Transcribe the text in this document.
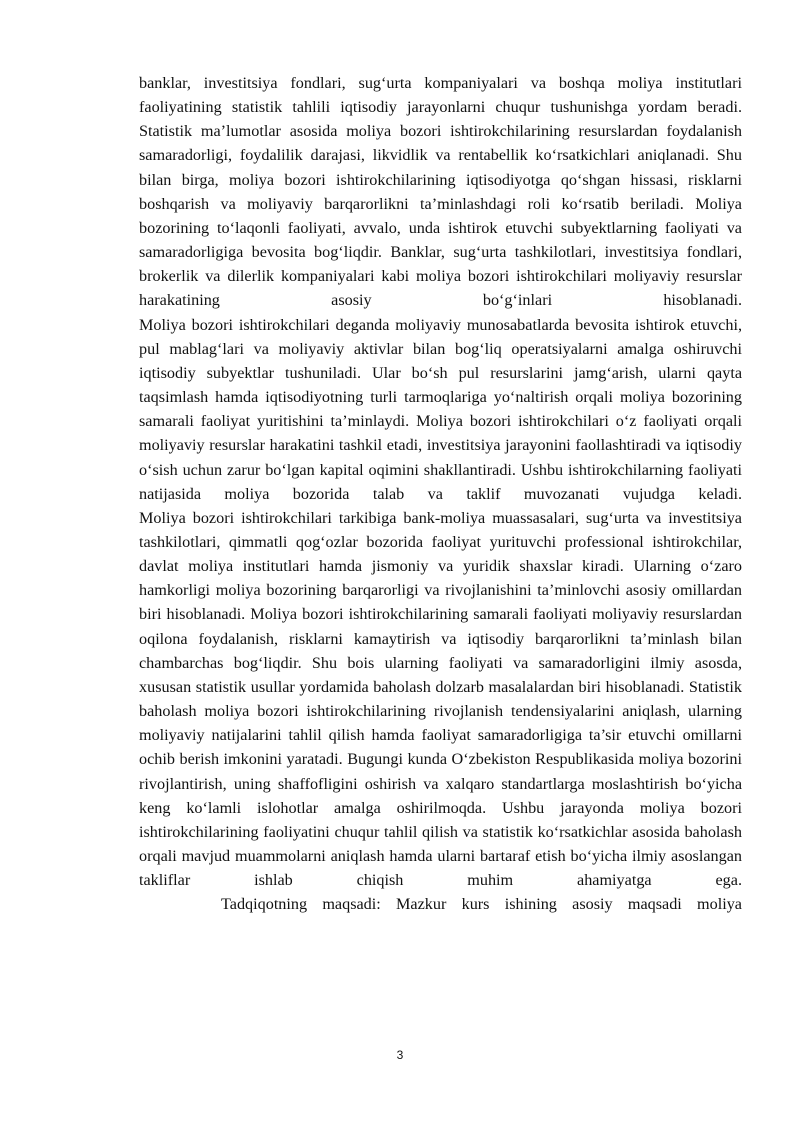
banklar, investitsiya fondlari, sug‘urta kompaniyalari va boshqa moliya institutlari faoliyatining statistik tahlili iqtisodiy jarayonlarni chuqur tushunishga yordam beradi. Statistik ma’lumotlar asosida moliya bozori ishtirokchilarining resurslardan foydalanish samaradorligi, foydalilik darajasi, likvidlik va rentabellik ko‘rsatkichlari aniqlanadi. Shu bilan birga, moliya bozori ishtirokchilarining iqtisodiyotga qo‘shgan hissasi, risklarni boshqarish va moliyaviy barqarorlikni ta’minlashdagi roli ko‘rsatib beriladi. Moliya bozorining to‘laqonli faoliyati, avvalo, unda ishtirok etuvchi subyektlarning faoliyati va samaradorligiga bevosita bog‘liqdir. Banklar, sug‘urta tashkilotlari, investitsiya fondlari, brokerlik va dilerlik kompaniyalari kabi moliya bozori ishtirokchilari moliyaviy resurslar harakatining asosiy bo‘g‘inlari hisoblanadi.

Moliya bozori ishtirokchilari deganda moliyaviy munosabatlarda bevosita ishtirok etuvchi, pul mablag‘lari va moliyaviy aktivlar bilan bog‘liq operatsiyalarni amalga oshiruvchi iqtisodiy subyektlar tushuniladi. Ular bo‘sh pul resurslarini jamg‘arish, ularni qayta taqsimlash hamda iqtisodiyotning turli tarmoqlariga yo‘naltirish orqali moliya bozorining samarali faoliyat yuritishini ta’minlaydi. Moliya bozori ishtirokchilari o‘z faoliyati orqali moliyaviy resurslar harakatini tashkil etadi, investitsiya jarayonini faollashtiradi va iqtisodiy o‘sish uchun zarur bo‘lgan kapital oqimini shakllantiradi. Ushbu ishtirokchilarning faoliyati natijasida moliya bozorida talab va taklif muvozanati vujudga keladi.

Moliya bozori ishtirokchilari tarkibiga bank-moliya muassasalari, sug‘urta va investitsiya tashkilotlari, qimmatli qog‘ozlar bozorida faoliyat yurituvchi professional ishtirokchilar, davlat moliya institutlari hamda jismoniy va yuridik shaxslar kiradi. Ularning o‘zaro hamkorligi moliya bozorining barqarorligi va rivojlanishini ta’minlovchi asosiy omillardan biri hisoblanadi. Moliya bozori ishtirokchilarining samarali faoliyati moliyaviy resurslardan oqilona foydalanish, risklarni kamaytirish va iqtisodiy barqarorlikni ta’minlash bilan chambarchas bog‘liqdir. Shu bois ularning faoliyati va samaradorligini ilmiy asosda, xususan statistik usullar yordamida baholash dolzarb masalalardan biri hisoblanadi. Statistik baholash moliya bozori ishtirokchilarining rivojlanish tendensiyalarini aniqlash, ularning moliyaviy natijalarini tahlil qilish hamda faoliyat samaradorligiga ta’sir etuvchi omillarni ochib berish imkonini yaratadi. Bugungi kunda O‘zbekiston Respublikasida moliya bozorini rivojlantirish, uning shaffofligini oshirish va xalqaro standartlarga moslashtirish bo‘yicha keng ko‘lamli islohotlar amalga oshirilmoqda. Ushbu jarayonda moliya bozori ishtirokchilarining faoliyatini chuqur tahlil qilish va statistik ko‘rsatkichlar asosida baholash orqali mavjud muammolarni aniqlash hamda ularni bartaraf etish bo‘yicha ilmiy asoslangan takliflar ishlab chiqish muhim ahamiyatga ega.

Tadqiqotning maqsadi: Mazkur kurs ishining asosiy maqsadi moliya

3
